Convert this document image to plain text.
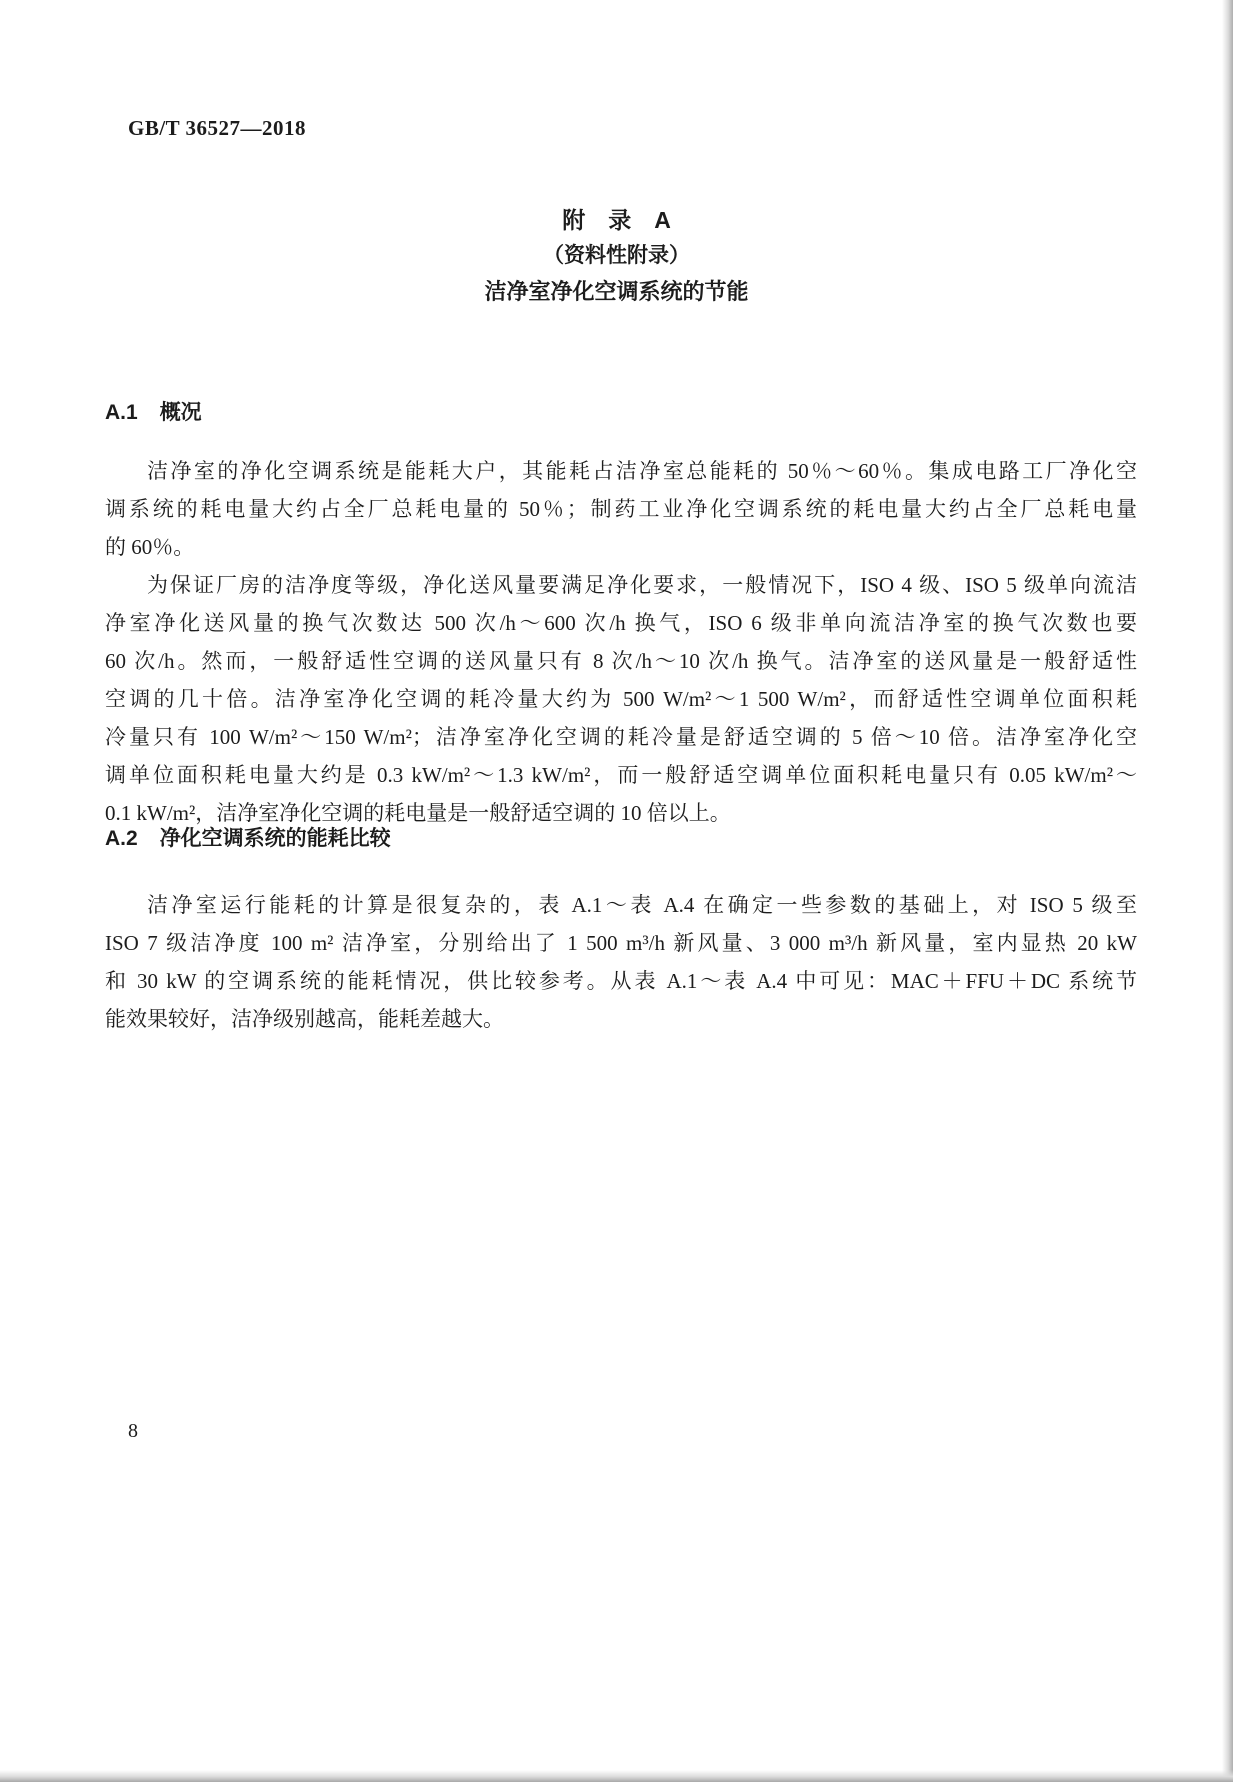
GB/T 36527—2018
附　录　A
（资料性附录）
洁净室净化空调系统的节能
A.1 概况
洁净室的净化空调系统是能耗大户，其能耗占洁净室总能耗的 50％～60％。集成电路工厂净化空
调系统的耗电量大约占全厂总耗电量的 50％；制药工业净化空调系统的耗电量大约占全厂总耗电量
的 60％。
为保证厂房的洁净度等级，净化送风量要满足净化要求，一般情况下，ISO 4 级、ISO 5 级单向流洁
净室净化送风量的换气次数达 500 次/h～600 次/h 换气，ISO 6 级非单向流洁净室的换气次数也要
60 次/h。然而，一般舒适性空调的送风量只有 8 次/h～10 次/h 换气。洁净室的送风量是一般舒适性
空调的几十倍。洁净室净化空调的耗冷量大约为 500 W/m²～1 500 W/m²，而舒适性空调单位面积耗
冷量只有 100 W/m²～150 W/m²；洁净室净化空调的耗冷量是舒适空调的 5 倍～10 倍。洁净室净化空
调单位面积耗电量大约是 0.3 kW/m²～1.3 kW/m²，而一般舒适空调单位面积耗电量只有 0.05 kW/m²～
0.1 kW/m²，洁净室净化空调的耗电量是一般舒适空调的 10 倍以上。
A.2 净化空调系统的能耗比较
洁净室运行能耗的计算是很复杂的，表 A.1～表 A.4 在确定一些参数的基础上，对 ISO 5 级至
ISO 7 级洁净度 100 m² 洁净室，分别给出了 1 500 m³/h 新风量、3 000 m³/h 新风量，室内显热 20 kW
和 30 kW 的空调系统的能耗情况，供比较参考。从表 A.1～表 A.4 中可见：MAC＋FFU＋DC 系统节
能效果较好，洁净级别越高，能耗差越大。
8
